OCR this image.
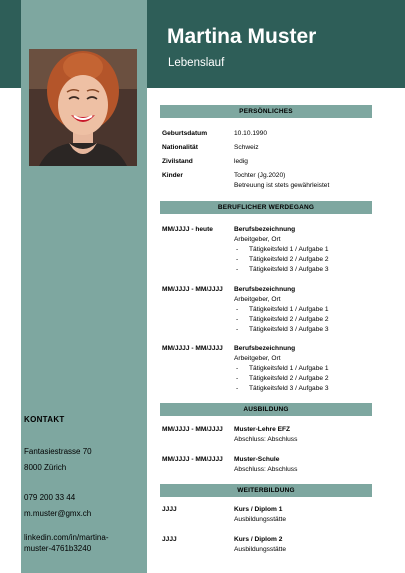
Martina Muster
Lebenslauf
KONTAKT
Fantasiestrasse 70
8000 Zürich
079 200 33 44
m.muster@gmx.ch
linkedin.com/in/martina-
muster-4761b3240
PERSÖNLICHES
Geburtsdatum	10.10.1990
Nationalität	Schweiz
Zivilstand	ledig
Kinder	Tochter (Jg.2020)
Betreuung ist stets gewährleistet
BERUFLICHER WERDEGANG
MM/JJJJ - heute	Berufsbezeichnung
Arbeitgeber, Ort
- Tätigkeitsfeld 1 / Aufgabe 1
- Tätigkeitsfeld 2 / Aufgabe 2
- Tätigkeitsfeld 3 / Aufgabe 3
MM/JJJJ - MM/JJJJ Berufsbezeichnung
Arbeitgeber, Ort
- Tätigkeitsfeld 1 / Aufgabe 1
- Tätigkeitsfeld 2 / Aufgabe 2
- Tätigkeitsfeld 3 / Aufgabe 3
MM/JJJJ - MM/JJJJ Berufsbezeichnung
Arbeitgeber, Ort
- Tätigkeitsfeld 1 / Aufgabe 1
- Tätigkeitsfeld 2 / Aufgabe 2
- Tätigkeitsfeld 3 / Aufgabe 3
AUSBILDUNG
MM/JJJJ - MM/JJJJ Muster-Lehre EFZ
Abschluss: Abschluss
MM/JJJJ - MM/JJJJ Muster-Schule
Abschluss: Abschluss
WEITERBILDUNG
JJJJ	Kurs / Diplom 1
Ausbildungsstätte
JJJJ	Kurs / Diplom 2
Ausbildungsstätte
